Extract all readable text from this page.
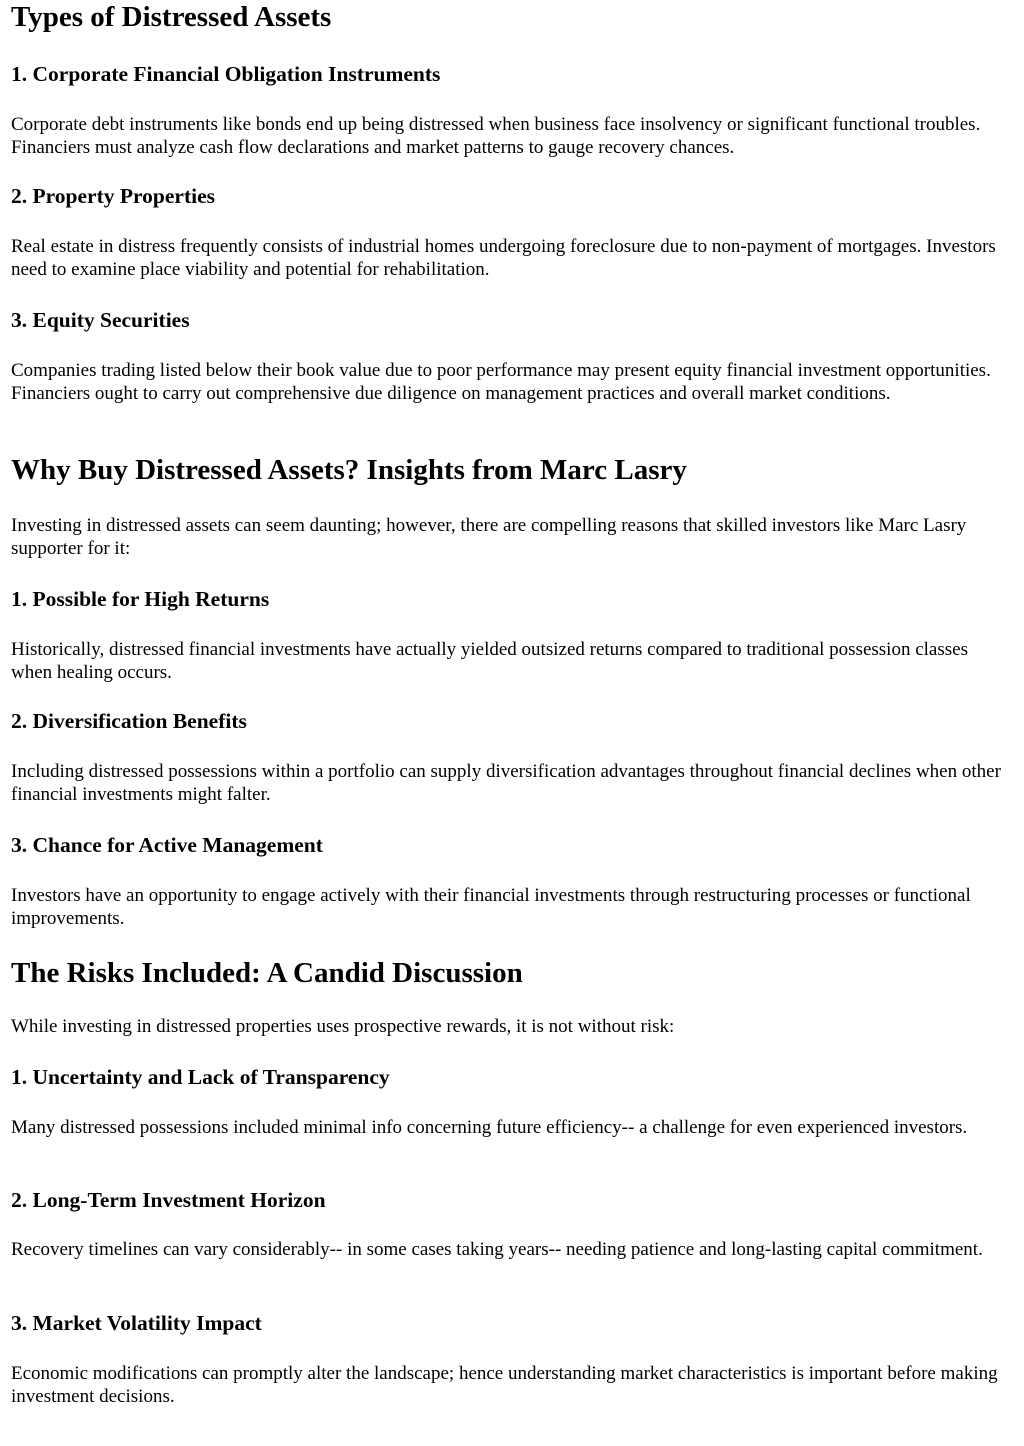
Types of Distressed Assets
1. Corporate Financial Obligation Instruments

Corporate debt instruments like bonds end up being distressed when business face insolvency or significant functional troubles. Financiers must analyze cash flow declarations and market patterns to gauge recovery chances.

2. Property Properties

Real estate in distress frequently consists of industrial homes undergoing foreclosure due to non-payment of mortgages. Investors need to examine place viability and potential for rehabilitation.

3. Equity Securities

Companies trading listed below their book value due to poor performance may present equity financial investment opportunities. Financiers ought to carry out comprehensive due diligence on management practices and overall market conditions.

Why Buy Distressed Assets? Insights from Marc Lasry

Investing in distressed assets can seem daunting; however, there are compelling reasons that skilled investors like Marc Lasry supporter for it:

1. Possible for High Returns

Historically, distressed financial investments have actually yielded outsized returns compared to traditional possession classes when healing occurs.

2. Diversification Benefits

Including distressed possessions within a portfolio can supply diversification advantages throughout financial declines when other financial investments might falter.

3. Chance for Active Management

Investors have an opportunity to engage actively with their financial investments through restructuring processes or functional improvements.

The Risks Included: A Candid Discussion

While investing in distressed properties uses prospective rewards, it is not without risk:

1. Uncertainty and Lack of Transparency

Many distressed possessions included minimal info concerning future efficiency-- a challenge for even experienced investors.

2. Long-Term Investment Horizon

Recovery timelines can vary considerably-- in some cases taking years-- needing patience and long-lasting capital commitment.

3. Market Volatility Impact

Economic modifications can promptly alter the landscape; hence understanding market characteristics is important before making investment decisions.
